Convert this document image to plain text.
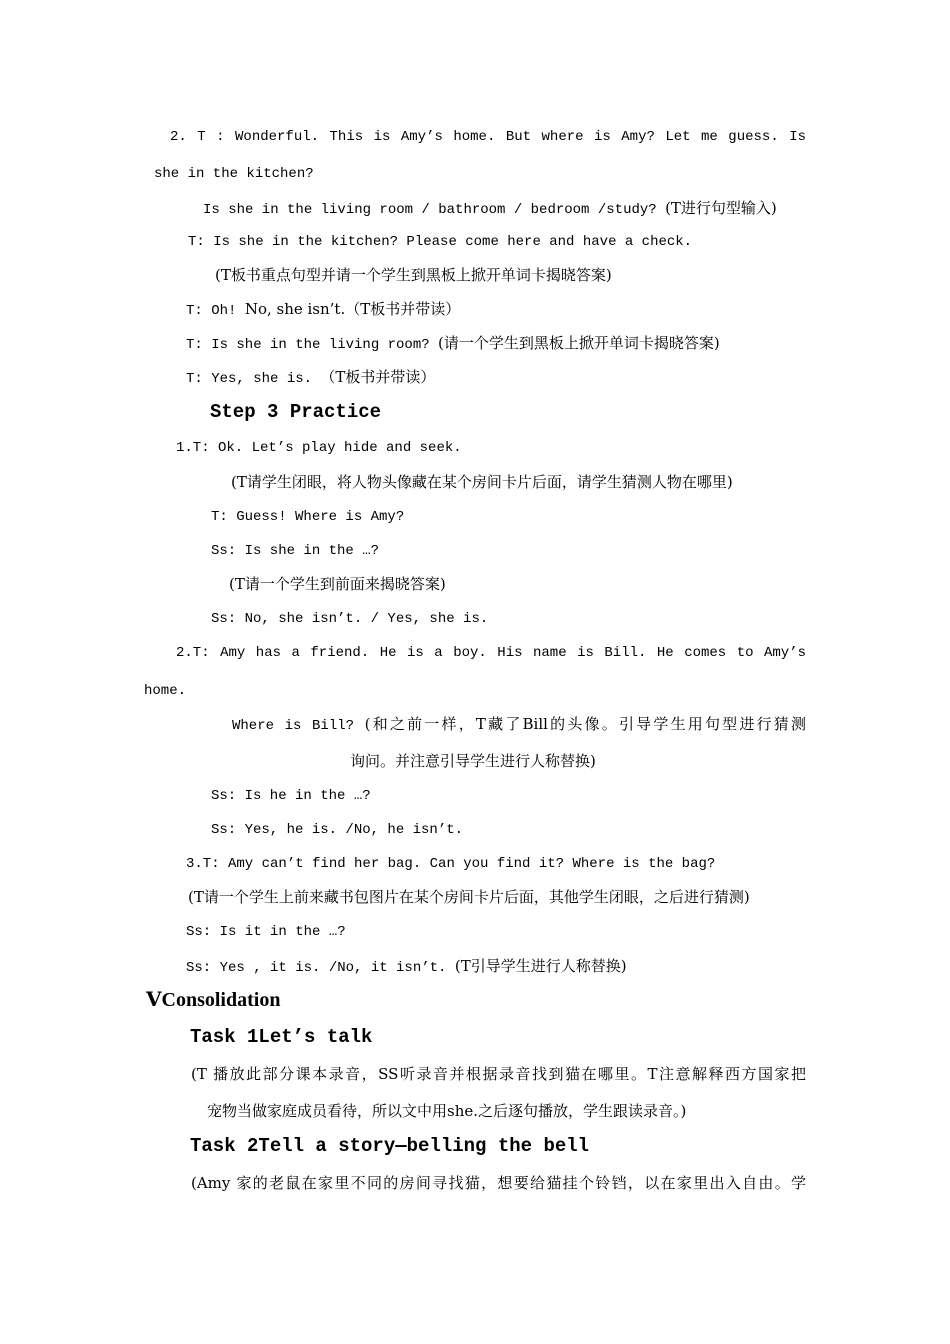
2. T : Wonderful. This is Amy’s home. But where is Amy? Let me guess. Is
she in the kitchen?
Is she in the living room / bathroom / bedroom /study? (T进行句型输入)
T: Is she in the kitchen? Please come here and have a check.
(T板书重点句型并请一个学生到黑板上掀开单词卡揭晓答案)
T: Oh! No, she isn’t.（T板书并带读）
T: Is she in the living room? (请一个学生到黑板上掀开单词卡揭晓答案)
T: Yes, she is. （T板书并带读）
Step 3 Practice
1.T: Ok. Let’s play hide and seek.
(T请学生闭眼，将人物头像藏在某个房间卡片后面，请学生猜测人物在哪里)
T: Guess! Where is Amy?
Ss: Is she in the …?
(T请一个学生到前面来揭晓答案)
Ss: No, she isn’t. / Yes, she is.
2.T: Amy has a friend. He is a boy. His name is Bill. He comes to Amy’s
home.
Where is Bill? (和之前一样，T藏了Bill的头像。引导学生用句型进行猜测
询问。并注意引导学生进行人称替换)
Ss: Is he in the …?
Ss: Yes, he is. /No, he isn’t.
3.T: Amy can’t find her bag. Can you find it? Where is the bag?
(T请一个学生上前来藏书包图片在某个房间卡片后面，其他学生闭眼，之后进行猜测)
Ss: Is it in the …?
Ss: Yes , it is. /No, it isn’t. (T引导学生进行人称替换)
ⅤConsolidation
Task 1Let’s talk
(T 播放此部分课本录音，SS听录音并根据录音找到猫在哪里。T注意解释西方国家把
宠物当做家庭成员看待，所以文中用she.之后逐句播放，学生跟读录音。)
Task 2Tell a story—belling the bell
(Amy 家的老鼠在家里不同的房间寻找猫，想要给猫挂个铃铛，以在家里出入自由。学
